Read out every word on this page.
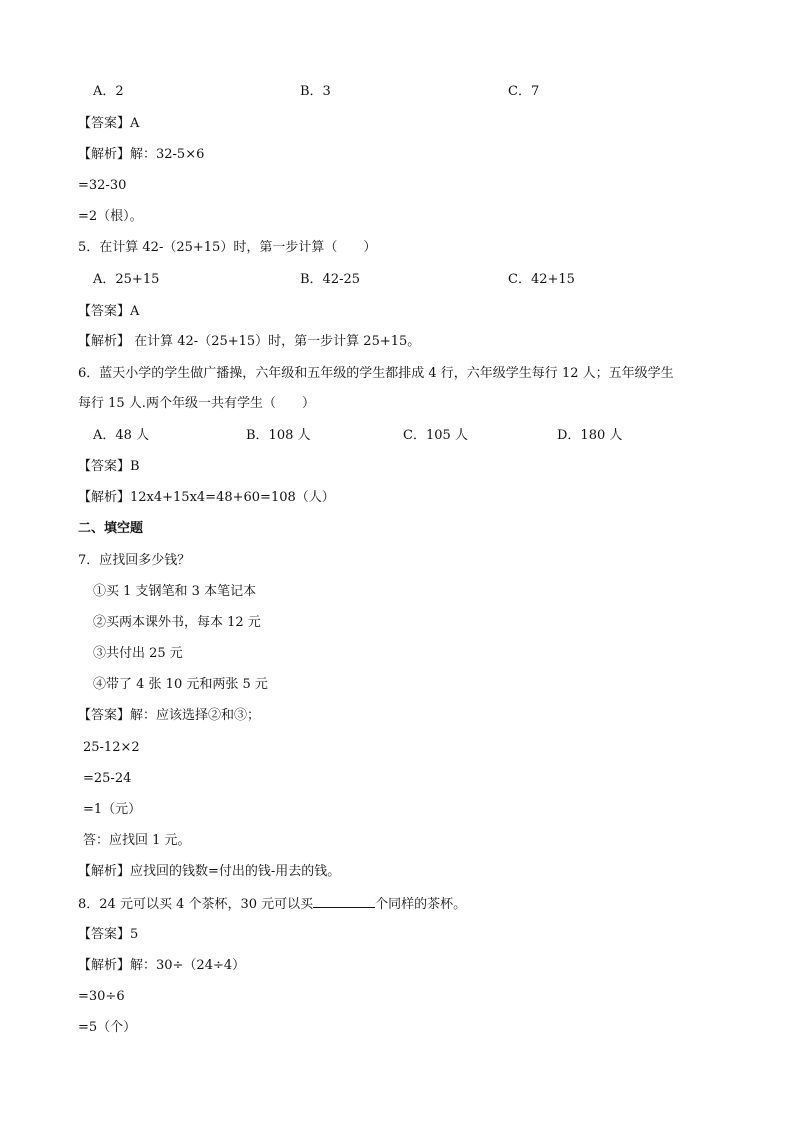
A．2	B．3	C．7
【答案】A
【解析】解：32-5×6
=32-30
=2（根）。
5．在计算 42-（25+15）时，第一步计算（　　）
A．25+15	B．42-25	C．42+15
【答案】A
【解析】 在计算 42-（25+15）时，第一步计算 25+15。
6．蓝天小学的学生做广播操，六年级和五年级的学生都排成 4 行，六年级学生每行 12 人；五年级学生
每行 15 人.两个年级一共有学生（　　）
A．48 人	B．108 人	C．105 人	D．180 人
【答案】B
【解析】12x4+15x4=48+60=108（人）
二、填空题
7．应找回多少钱？
①买 1 支钢笔和 3 本笔记本
②买两本课外书，每本 12 元
③共付出 25 元
④带了 4 张 10 元和两张 5 元
【答案】解：应该选择②和③；
25-12×2
=25-24
=1（元）
答：应找回 1 元。
【解析】应找回的钱数=付出的钱-用去的钱。
8．24 元可以买 4 个茶杯，30 元可以买	个同样的茶杯。
【答案】5
【解析】解：30÷（24÷4）
=30÷6
=5（个）
